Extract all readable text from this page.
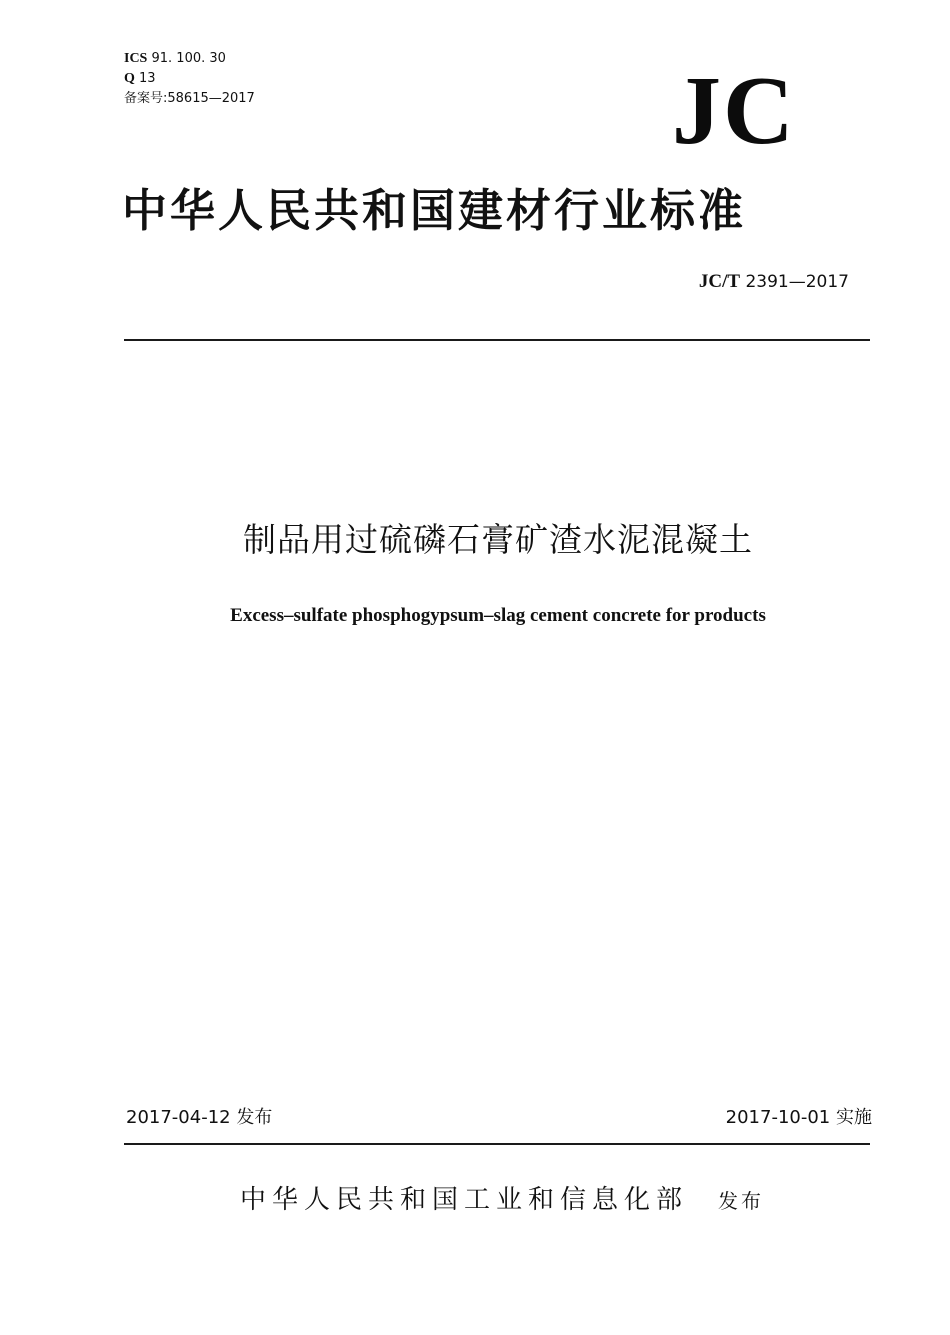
ICS 91. 100. 30
Q 13
备案号:58615—2017	JC
中华人民共和国建材行业标准
JC/T 2391—2017
制品用过硫磷石膏矿渣水泥混凝土
Excess–sulfate phosphogypsum–slag cement concrete for products
2017-04-12 发布	2017-10-01 实施
中华人民共和国工业和信息化部 发布
